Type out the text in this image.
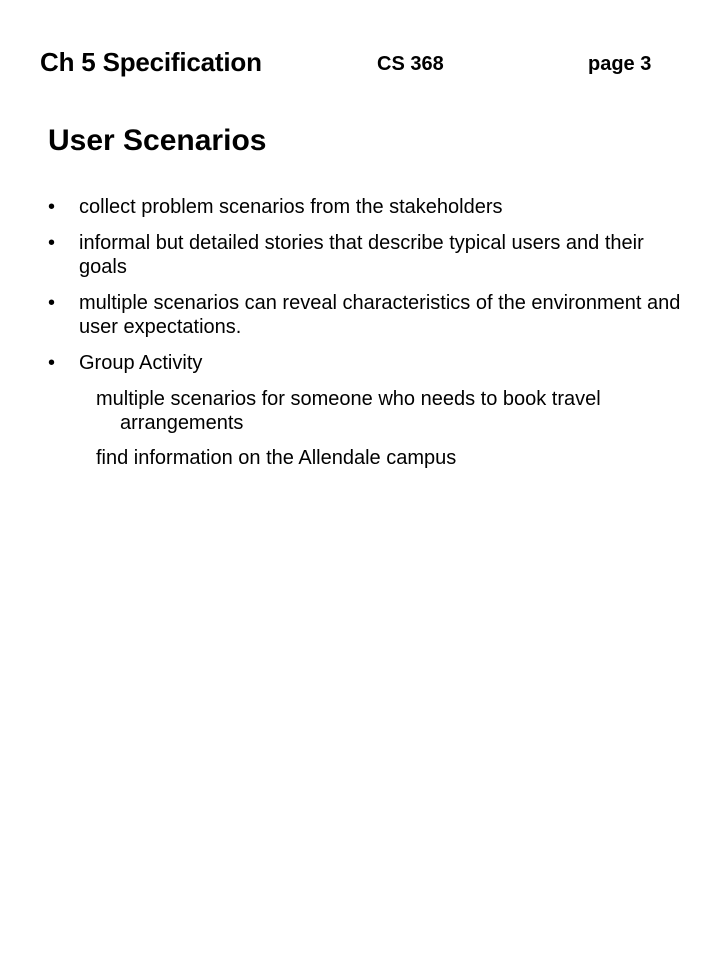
Ch 5 Specification	CS 368	page 3
User Scenarios
• collect problem scenarios from the stakeholders
• informal but detailed stories that describe typical users and their goals
• multiple scenarios can reveal characteristics of the environment and user expectations.
• Group Activity
multiple scenarios for someone who needs to book travel arrangements
find information on the Allendale campus
